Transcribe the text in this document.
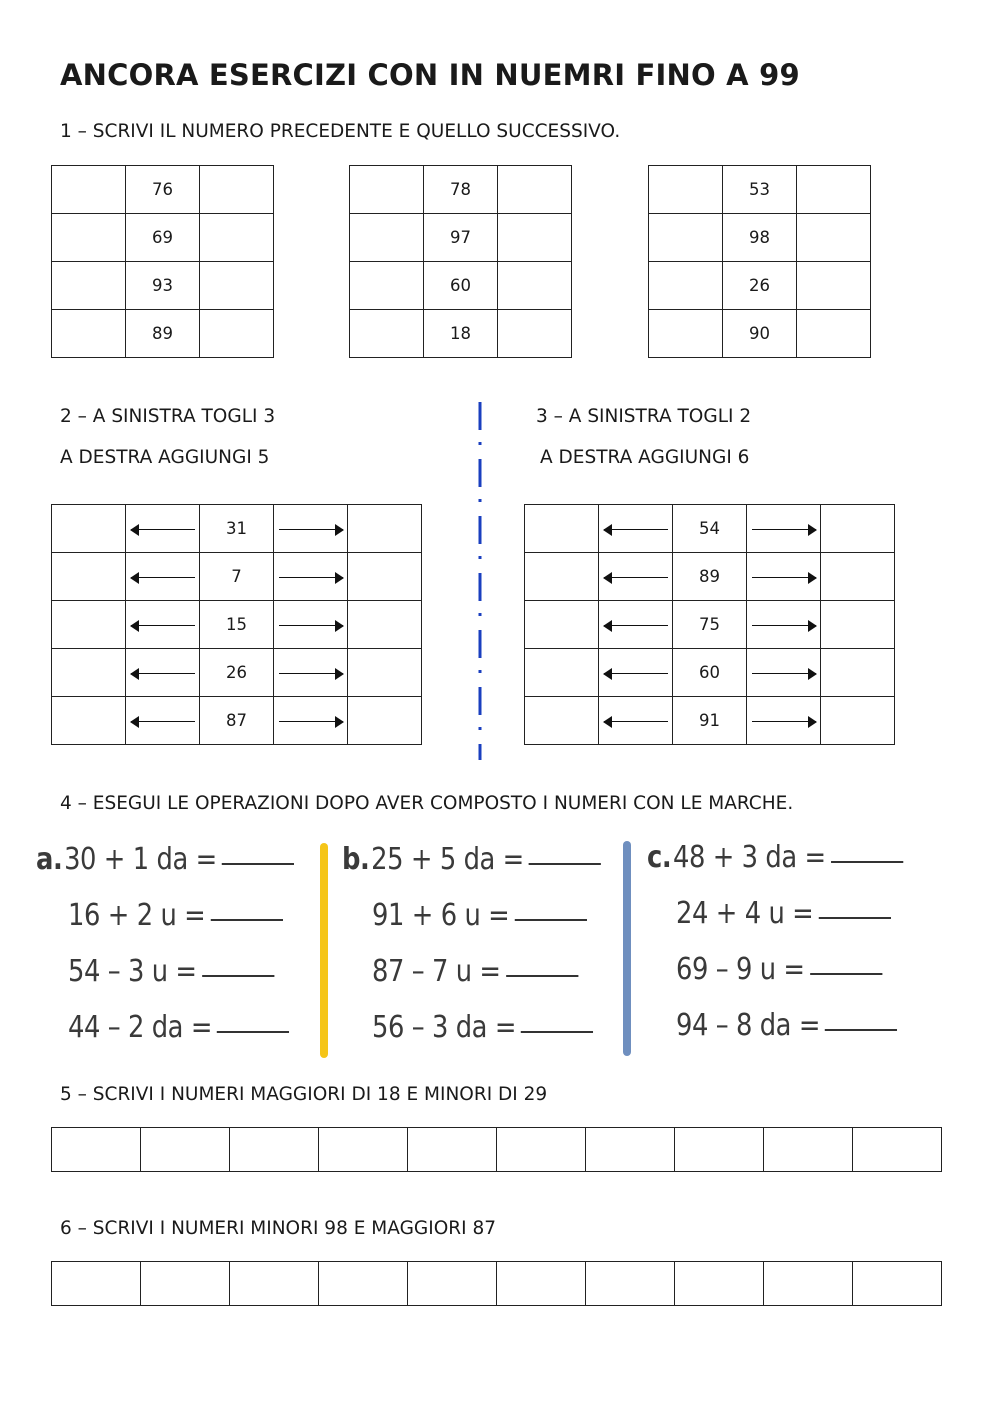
ANCORA ESERCIZI CON IN NUEMRI FINO A 99
1 – SCRIVI IL NUMERO PRECEDENTE E QUELLO SUCCESSIVO.
	76	
	69	
	93	
	89	
	78	
	97	
	60	
	18	
	53	
	98	
	26	
	90	
2 – A SINISTRA TOGLI 3
A DESTRA AGGIUNGI 5
3 – A SINISTRA TOGLI 2
A DESTRA AGGIUNGI 6

	31	

	7	

	15	

	26	

	87	

	54	

	89	

	75	

	60	

	91	

4 – ESEGUI LE OPERAZIONI DOPO AVER COMPOSTO I NUMERI CON LE MARCHE.
a.30 + 1 da =
16 + 2 u =
54 – 3 u =
44 – 2 da =
b.25 + 5 da =
91 + 6 u =
87 – 7 u =
56 – 3 da =
c.48 + 3 da =
24 + 4 u =
69 – 9 u =
94 – 8 da =
5 – SCRIVI I NUMERI MAGGIORI DI 18 E MINORI DI 29

6 – SCRIVI I NUMERI MINORI 98 E MAGGIORI 87
